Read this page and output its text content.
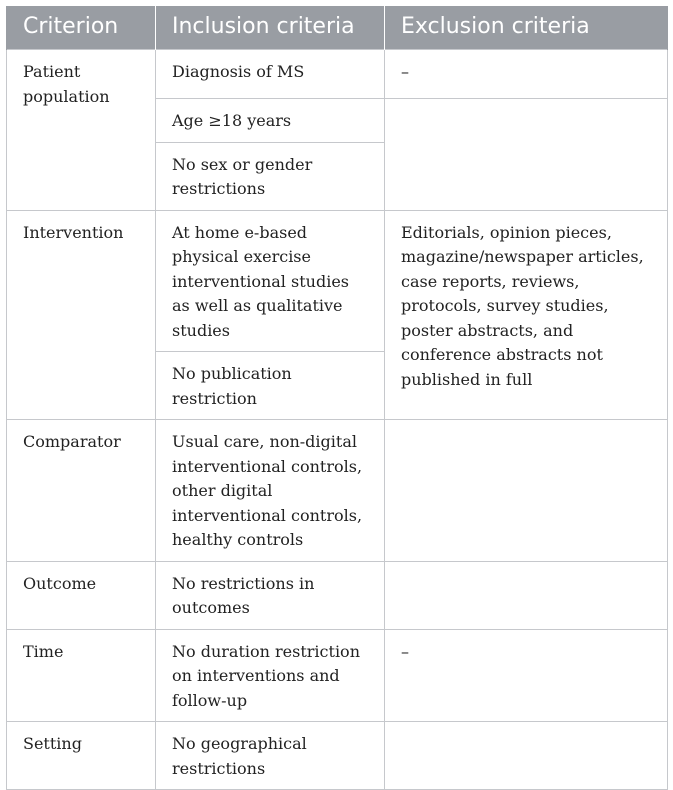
Criterion	Inclusion criteria	Exclusion criteria
Patient population	Diagnosis of MS	–
	Age ≥18 years	
	No sex or gender restrictions	
Intervention	At home e-based physical exercise interventional studies as well as qualitative studies	Editorials, opinion pieces, magazine/newspaper articles, case reports, reviews, protocols, survey studies, poster abstracts, and conference abstracts not published in full
	No publication restriction	
Comparator	Usual care, non-digital interventional controls, other digital interventional controls, healthy controls	
Outcome	No restrictions in outcomes	
Time	No duration restriction on interventions and follow-up	–
Setting	No geographical restrictions	
